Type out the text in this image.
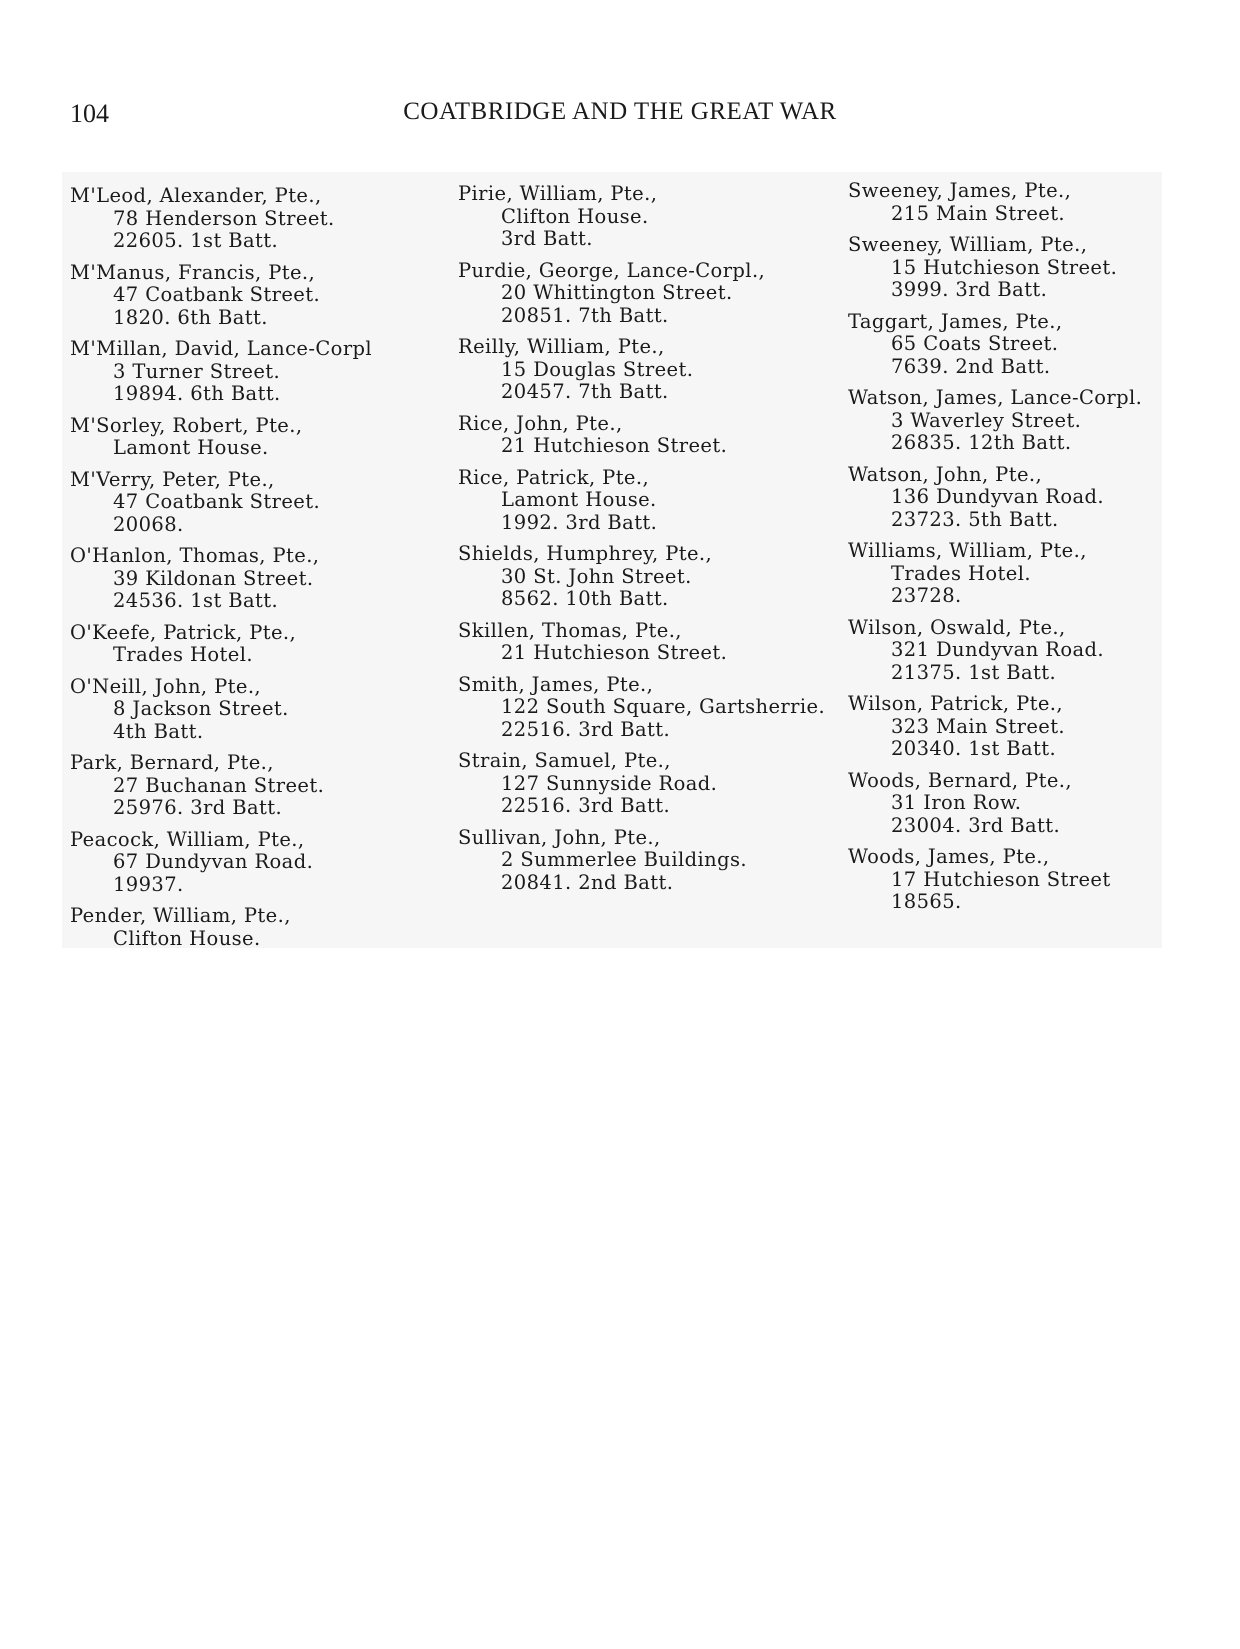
104	COATBRIDGE AND THE GREAT WAR
M'Leod, Alexander, Pte.,
78 Henderson Street.
22605. 1st Batt.
M'Manus, Francis, Pte.,
47 Coatbank Street.
1820. 6th Batt.
M'Millan, David, Lance-Corpl
3 Turner Street.
19894. 6th Batt.
M'Sorley, Robert, Pte.,
Lamont House.
M'Verry, Peter, Pte.,
47 Coatbank Street.
20068.
O'Hanlon, Thomas, Pte.,
39 Kildonan Street.
24536. 1st Batt.
O'Keefe, Patrick, Pte.,
Trades Hotel.
O'Neill, John, Pte.,
8 Jackson Street.
4th Batt.
Park, Bernard, Pte.,
27 Buchanan Street.
25976. 3rd Batt.
Peacock, William, Pte.,
67 Dundyvan Road.
19937.
Pender, William, Pte.,
Clifton House.
Pirie, William, Pte.,
Clifton House.
3rd Batt.
Purdie, George, Lance-Corpl.,
20 Whittington Street.
20851. 7th Batt.
Reilly, William, Pte.,
15 Douglas Street.
20457. 7th Batt.
Rice, John, Pte.,
21 Hutchieson Street.
Rice, Patrick, Pte.,
Lamont House.
1992. 3rd Batt.
Shields, Humphrey, Pte.,
30 St. John Street.
8562. 10th Batt.
Skillen, Thomas, Pte.,
21 Hutchieson Street.
Smith, James, Pte.,
122 South Square, Gartsherrie.
22516. 3rd Batt.
Strain, Samuel, Pte.,
127 Sunnyside Road.
22516. 3rd Batt.
Sullivan, John, Pte.,
2 Summerlee Buildings.
20841. 2nd Batt.
Sweeney, James, Pte.,
215 Main Street.
Sweeney, William, Pte.,
15 Hutchieson Street.
3999. 3rd Batt.
Taggart, James, Pte.,
65 Coats Street.
7639. 2nd Batt.
Watson, James, Lance-Corpl.
3 Waverley Street.
26835. 12th Batt.
Watson, John, Pte.,
136 Dundyvan Road.
23723. 5th Batt.
Williams, William, Pte.,
Trades Hotel.
23728.
Wilson, Oswald, Pte.,
321 Dundyvan Road.
21375. 1st Batt.
Wilson, Patrick, Pte.,
323 Main Street.
20340. 1st Batt.
Woods, Bernard, Pte.,
31 Iron Row.
23004. 3rd Batt.
Woods, James, Pte.,
17 Hutchieson Street
18565.
